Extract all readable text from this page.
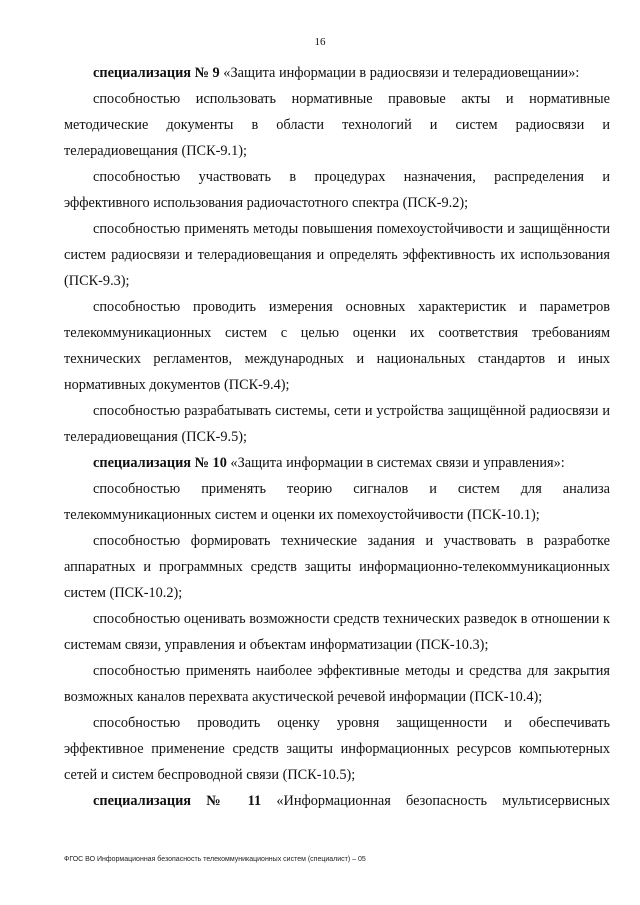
16

специализация № 9 «Защита информации в радиосвязи и телерадиовещании»:

способностью использовать нормативные правовые акты и нормативные методические документы в области технологий и систем радиосвязи и телерадиовещания (ПСК-9.1);

способностью участвовать в процедурах назначения, распределения и эффективного использования радиочастотного спектра (ПСК-9.2);

способностью применять методы повышения помехоустойчивости и защищённости систем радиосвязи и телерадиовещания и определять эффективность их использования (ПСК-9.3);

способностью проводить измерения основных характеристик и параметров телекоммуникационных систем с целью оценки их соответствия требованиям технических регламентов, международных и национальных стандартов и иных нормативных документов (ПСК-9.4);

способностью разрабатывать системы, сети и устройства защищённой радиосвязи и телерадиовещания (ПСК-9.5);

специализация № 10 «Защита информации в системах связи и управления»:

способностью применять теорию сигналов и систем для анализа телекоммуникационных систем и оценки их помехоустойчивости (ПСК-10.1);

способностью формировать технические задания и участвовать в разработке аппаратных и программных средств защиты информационно-телекоммуникационных систем (ПСК-10.2);

способностью оценивать возможности средств технических разведок в отношении к системам связи, управления и объектам информатизации (ПСК-10.3);

способностью применять наиболее эффективные методы и средства для закрытия возможных каналов перехвата акустической речевой информации (ПСК-10.4);

способностью проводить оценку уровня защищенности и обеспечивать эффективное применение средств защиты информационных ресурсов компьютерных сетей и систем беспроводной связи (ПСК-10.5);

специализация № 11 «Информационная безопасность мультисервисных

ФГОС ВО Информационная безопасность телекоммуникационных систем (специалист) – 05
